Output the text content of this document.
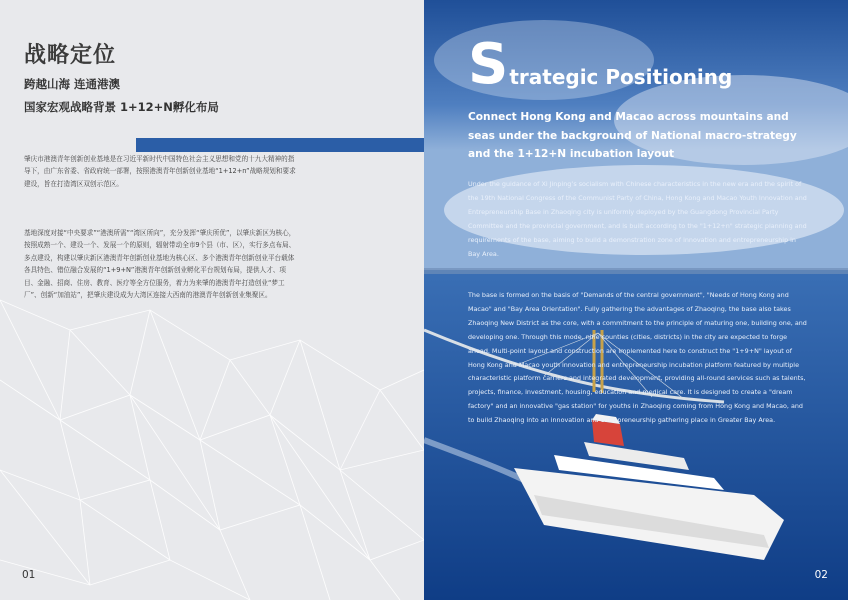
战略定位
跨越山海 连通港澳
国家宏观战略背景 1+12+N孵化布局

肇庆市港澳青年创新创业基地是在习近平新时代中国特色社会主义思想和党的十九大精神的指导下，由广东省委、省政府统一部署，按照港澳青年创新创业基地“1+12+n”战略规划和要求建设，旨在打造湾区双创示范区。

基地深度对接“中央要求”“港澳所需”“湾区所向”，充分发挥“肇庆所优”，以肇庆新区为核心，按照成熟一个、建设一个、发展一个的原则，辐射带动全市9个县（市、区），实行多点布局、多点建设，构建以肇庆新区港澳青年创新创业基地为核心区、多个港澳青年创新创业平台载体各具特色、错位融合发展的“1+9+N”港澳青年创新创业孵化平台规划布局，提供人才、项目、金融、招商、住房、教育、医疗等全方位服务，着力为来肇的港澳青年打造创业“梦工厂”、创新“加油站”，把肇庆建设成为大湾区连接大西南的港澳青年创新创业集聚区。

01
S trategic Positioning
Connect Hong Kong and Macao across mountains and seas under the background of National macro-strategy and the 1+12+N incubation layout

Under the guidance of Xi Jinping’s socialism with Chinese characteristics in the new era and the spirit of the 19th National Congress of the Communist Party of China, Hong Kong and Macao Youth Innovation and Entrepreneurship Base in Zhaoqing city is uniformly deployed by the Guangdong Provincial Party Committee and the provincial government, and is built according to the "1+12+n" strategic planning and requirements of the base, aiming to build a demonstration zone of innovation and entrepreneurship in Bay Area.

The base is formed on the basis of "Demands of the central government", "Needs of Hong Kong and Macao" and "Bay Area Orientation". Fully gathering the advantages of Zhaoqing, the base also takes Zhaoqing New District as the core, with a commitment to the principle of maturing one, building one, and developing one. Through this mode, nine counties (cities, districts) in the city are expected to forge ahead. Multi-point layout and construction are implemented here to construct the "1+9+N" layout of Hong Kong and Macao youth innovation and entrepreneurship incubation platform featured by multiple characteristic platform carriers and integrated development, providing all-round services such as talents, projects, finance, investment, housing, education and medical care. It is designed to create a "dream factory" and an innovative "gas station" for youths in Zhaoqing coming from Hong Kong and Macao, and to build Zhaoqing into an innovation and entrepreneurship gathering place in Greater Bay Area.

02
